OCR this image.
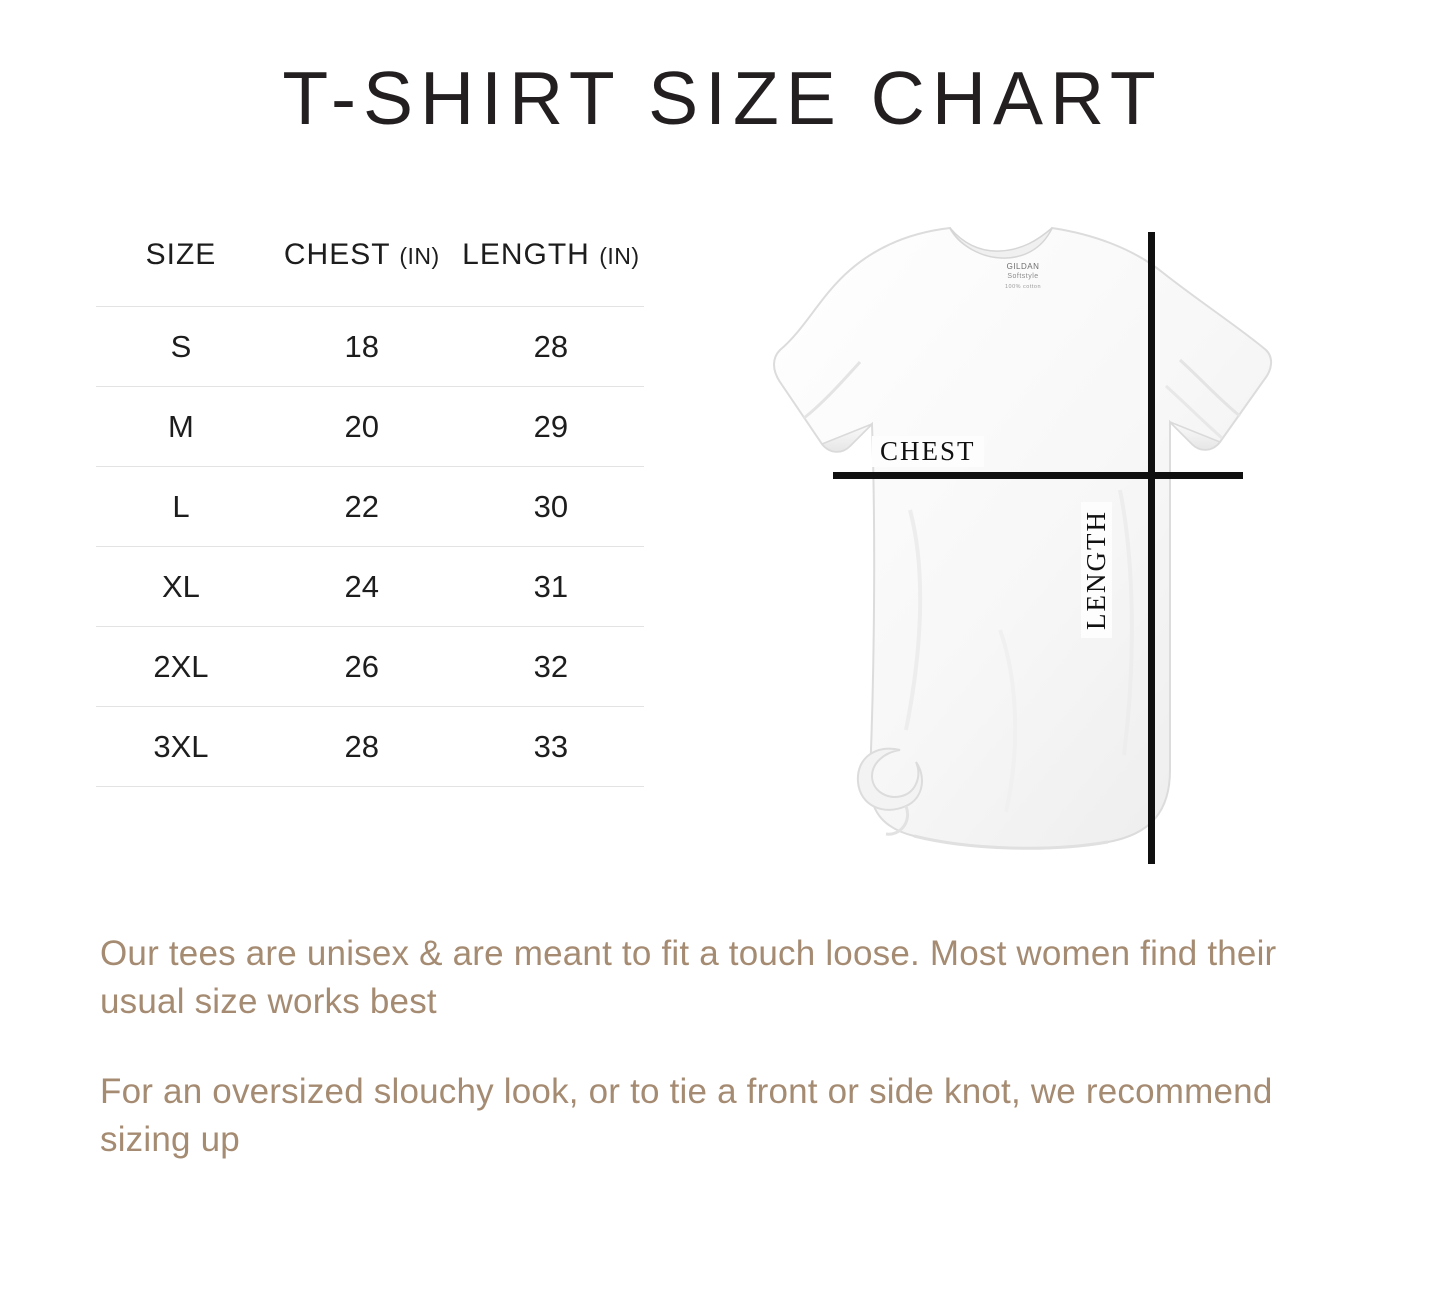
T-SHIRT SIZE CHART
SIZE	CHEST (IN)	LENGTH (IN)
S	18	28
M	20	29
L	22	30
XL	24	31
2XL	26	32
3XL	28	33
GILDAN
Softstyle
100% cotton
CHEST
LENGTH

Our tees are unisex & are meant to fit a touch loose. Most women find their usual size works best

For an oversized slouchy look, or to tie a front or side knot, we recommend sizing up
